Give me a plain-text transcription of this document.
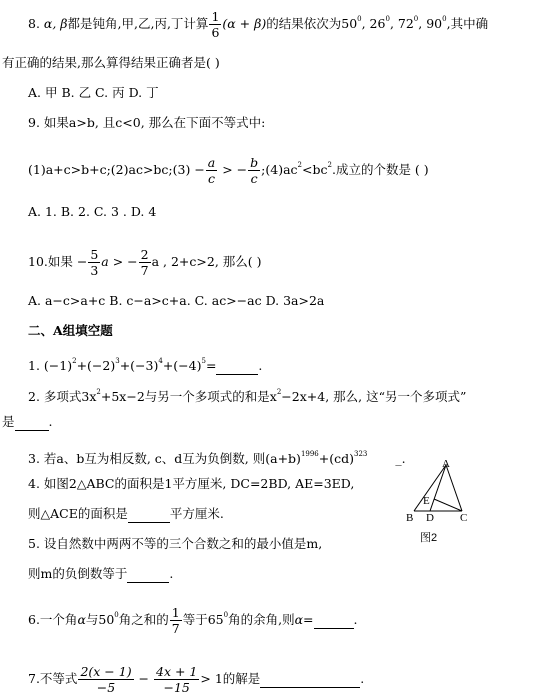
8. α, β都是钝角,甲,乙,丙,丁计算 $\frac{1}{6} (\alpha + \beta)$的结果依次为$50^0$, $26^0$, $72^0$, $90^0$,其中确
有正确的结果,那么算得结果正确者是( )
A. 甲 B. 乙 C. 丙 D. 丁
9. 如果a>b, 且c<0, 那么在下面不等式中:
(1)a+c>b+c;(2)ac>bc;(3) − $\frac{a}{c}$ > − $\frac{b}{c}$ $;(4)ac^2<bc^2$.成立的个数是 ( )
A. 1. B. 2. C. 3 . D. 4
10.如果 − $\frac{5}{3}$ a > − $\frac{2}{7}$ a , 2+c>2, 那么( )
A. a−c>a+c B. c−a>c+a. C. ac>−ac D. 3a>2a
二、A组填空题
1. $(-1)^2+(-2)^3+(-3)^4+(-4)^5=$	.
2. 多项式$3x^2+5x-2$与另一个多项式的和是$x^2-2x+4$, 那么, 这“另一个多项式”
是	.
3. 若a、b互为相反数, c、d互为负倒数, 则$(a+b)^{1996}+(cd)^{323}$ _.
4. 如图2△ABC的面积是1平方厘米, DC=2BD, AE=3ED,
则△ACE的面积是	平方厘米.
5. 设自然数中两两不等的三个合数之和的最小值是m,
则m的负倒数等于	.
A
B D C
E
图2
6.一个角α与$50^0$角之和的 $\frac{1}{7}$ 等于$65^0$角的余角,则α=	.
7.不等式 $\frac{2(x - 1)}{-5} - \frac{4x + 1}{-15} > 1$的解是	.
